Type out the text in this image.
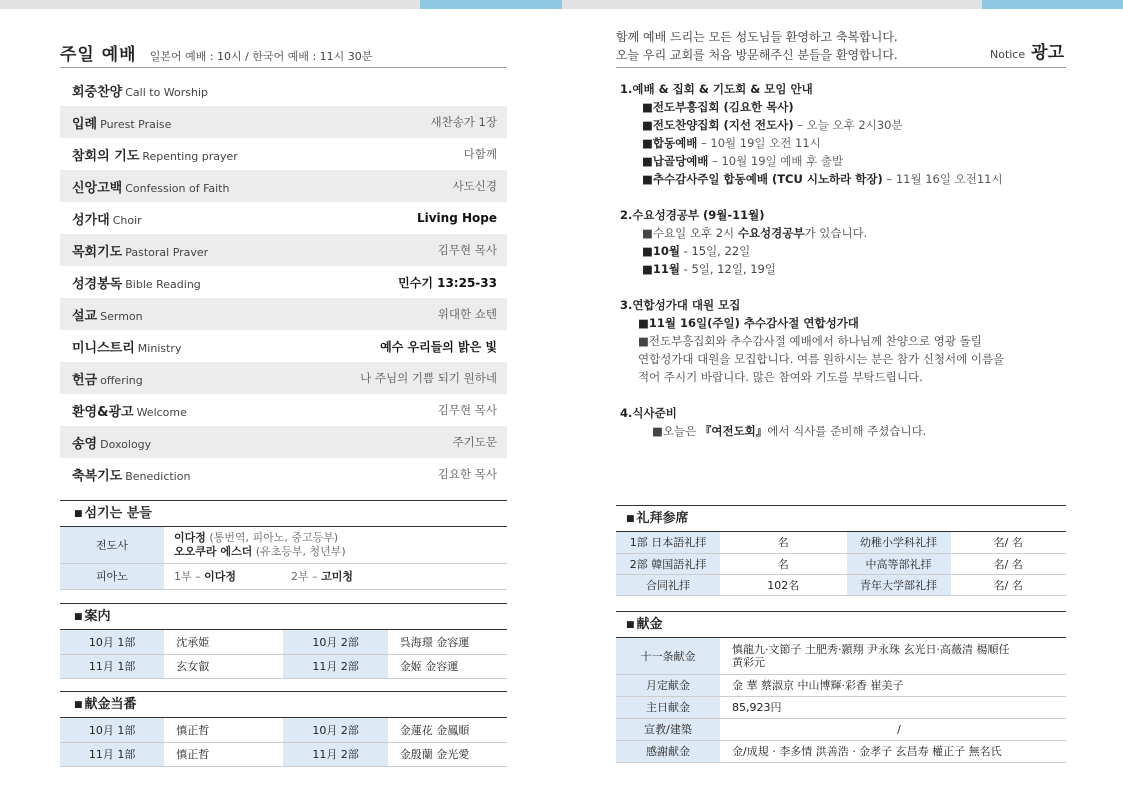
주일 예배 일본어 예배 : 10시 / 한국어 예배 : 11시 30분
회중찬양 Call to Worship
입례 Purest Praise	새찬송가 1장
참회의 기도 Repenting prayer	다함께
신앙고백 Confession of Faith	사도신경
성가대 Choir	Living Hope
목회기도 Pastoral Praver	김무현 목사
성경봉독 Bible Reading	민수기 13:25-33
설교 Sermon	위대한 쇼텐
미니스트리 Ministry	예수 우리들의 밝은 빛
헌금 offering	나 주님의 기쁨 되기 원하네
환영&광고 Welcome	김무현 목사
송영 Doxology	주기도문
축복기도 Benediction	김요한 목사
■ 섬기는 분들
전도사	이다정 (통번역, 피아노, 중고등부)
오오쿠라 에스더 (유초등부, 청년부)

피아노	1부 – 이다정 2부 – 고미청
■ 案内
10月 1部	沈承姫	10月 2部	呉海璟 金容運
11月 1部	玄女叡	11月 2部	金姬 金容運
■ 献金当番
10月 1部	慎正哲	10月 2部	金蓮花 金鳳順
11月 1部	慎正哲	11月 2部	金殷蘭 金光愛
함께 예배 드리는 모든 성도님들 환영하고 축복합니다.
오늘 우리 교회를 처음 방문해주신 분들을 환영합니다.	Notice 광고
1.예배 & 집회 & 기도회 & 모임 안내
■전도부흥집회 (김요한 목사)
■전도찬양집회 (지선 전도사) – 오늘 오후 2시30분
■합동예배 – 10월 19일 오전 11시
■납골당예배 – 10월 19일 예배 후 출발
■추수감사주일 합동예배 (TCU 시노하라 학장) – 11월 16일 오전11시
2.수요성경공부 (9월-11월)
■수요일 오후 2시 수요성경공부가 있습니다.
■10월 - 15일, 22일
■11월 - 5일, 12일, 19일
3.연합성가대 대원 모집
■11월 16일(주일) 추수감사절 연합성가대
■전도부흥집회와 추수감사절 예배에서 하나님께 찬양으로 영광 돌릴
연합성가대 대원을 모집합니다. 여름 원하시는 분은 참가 신청서에 이름을
적어 주시기 바랍니다. 많은 참여와 기도를 부탁드립니다.
4.식사준비
■오늘은 『여전도회』에서 식사를 준비해 주셨습니다.
■ 礼拜参席
1部 日本語礼拝	名	幼稚小学科礼拝	名/ 名
2部 韓国語礼拝	名	中高等部礼拝	名/ 名
合同礼拝	102名	青年大学部礼拝	名/ 名
■ 献金
十一条献金	慎龍九·文節子 土肥秀·顥翔 尹永珠 玄光日·高薇清 楊順任
黄彩元

月定献金	金 華 蔡淑京 中山博輝·彩香 崔美子
主日献金	85,923円
宣教/建築	/
感謝献金	金/成規 · 李多情 洪善浩 · 金孝子 玄昌寿 權正子 無名氏
